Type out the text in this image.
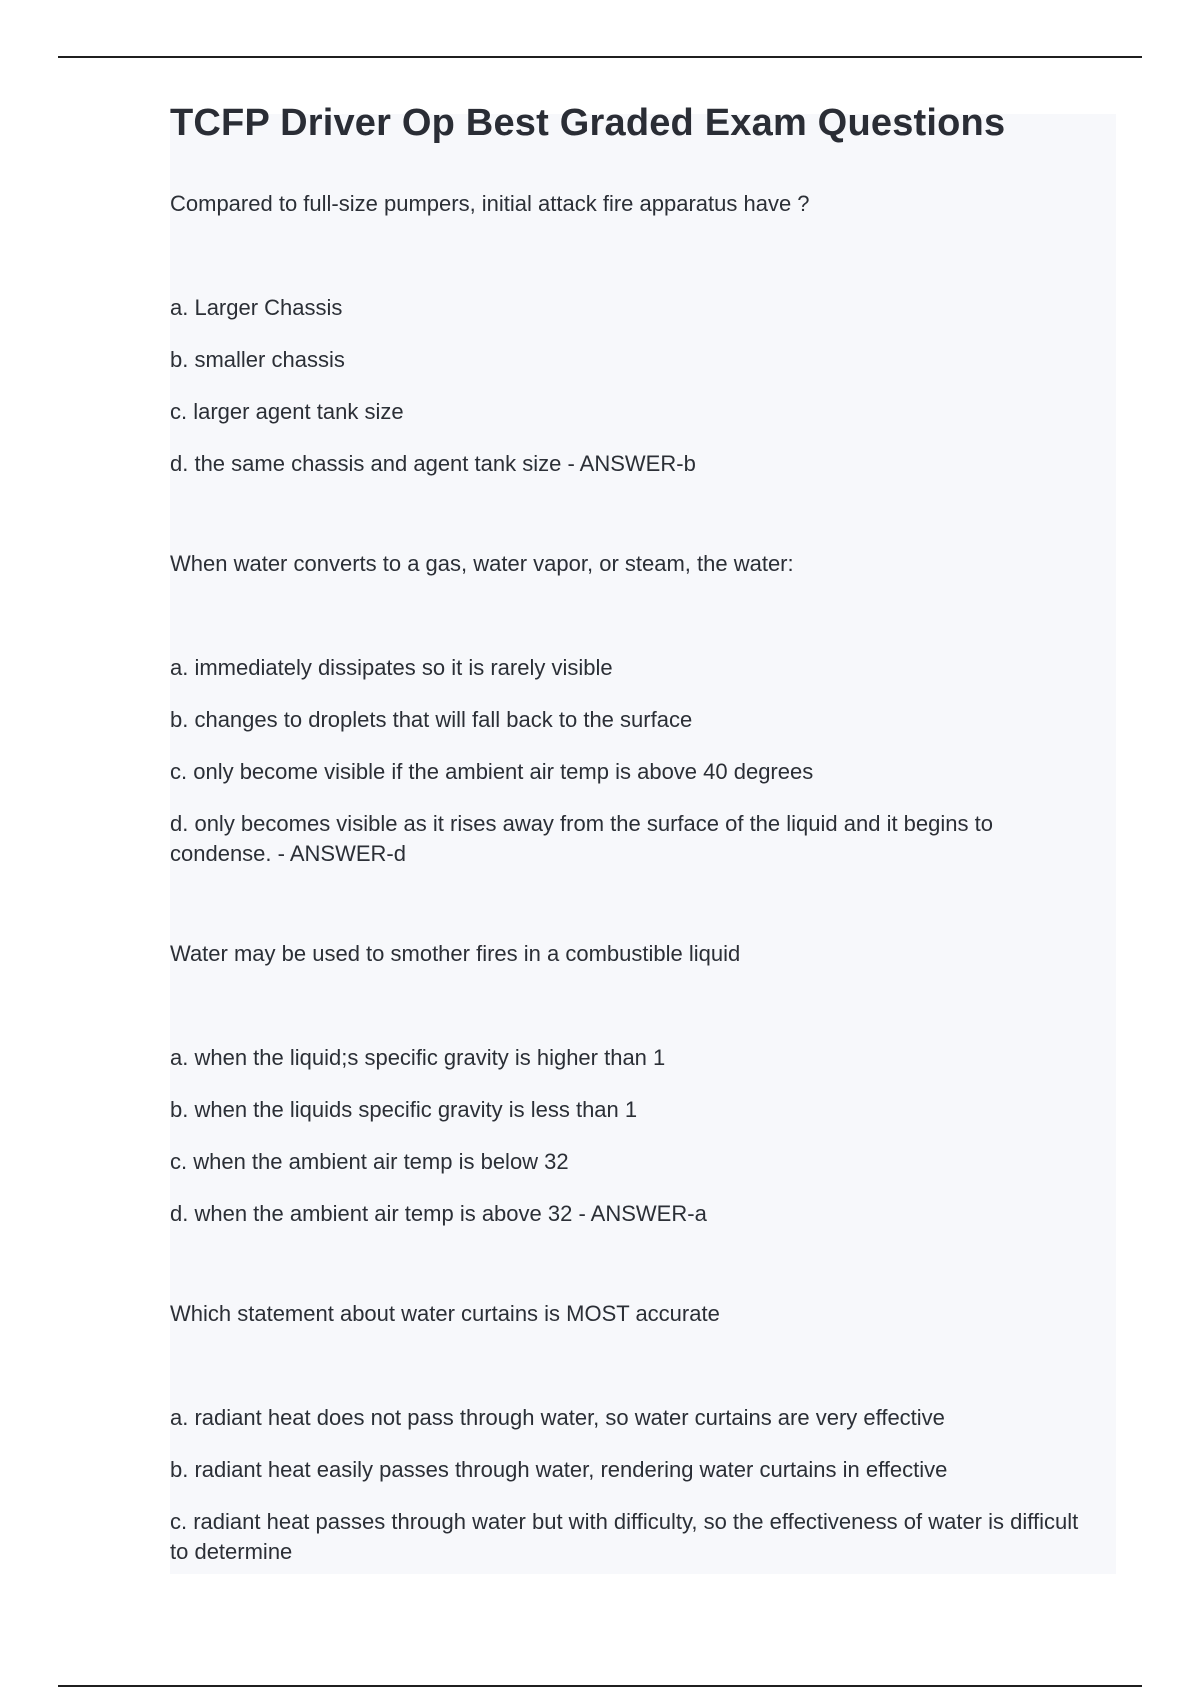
TCFP Driver Op Best Graded Exam Questions
Compared to full-size pumpers, initial attack fire apparatus have ?
a. Larger Chassis
b. smaller chassis
c. larger agent tank size
d. the same chassis and agent tank size - ANSWER-b
When water converts to a gas, water vapor, or steam, the water:
a. immediately dissipates so it is rarely visible
b. changes to droplets that will fall back to the surface
c. only become visible if the ambient air temp is above 40 degrees
d. only becomes visible as it rises away from the surface of the liquid and it begins to condense. - ANSWER-d
Water may be used to smother fires in a combustible liquid
a. when the liquid;s specific gravity is higher than 1
b. when the liquids specific gravity is less than 1
c. when the ambient air temp is below 32
d. when the ambient air temp is above 32 - ANSWER-a
Which statement about water curtains is MOST accurate
a. radiant heat does not pass through water, so water curtains are very effective
b. radiant heat easily passes through water, rendering water curtains in effective
c. radiant heat passes through water but with difficulty, so the effectiveness of water is difficult to determine
